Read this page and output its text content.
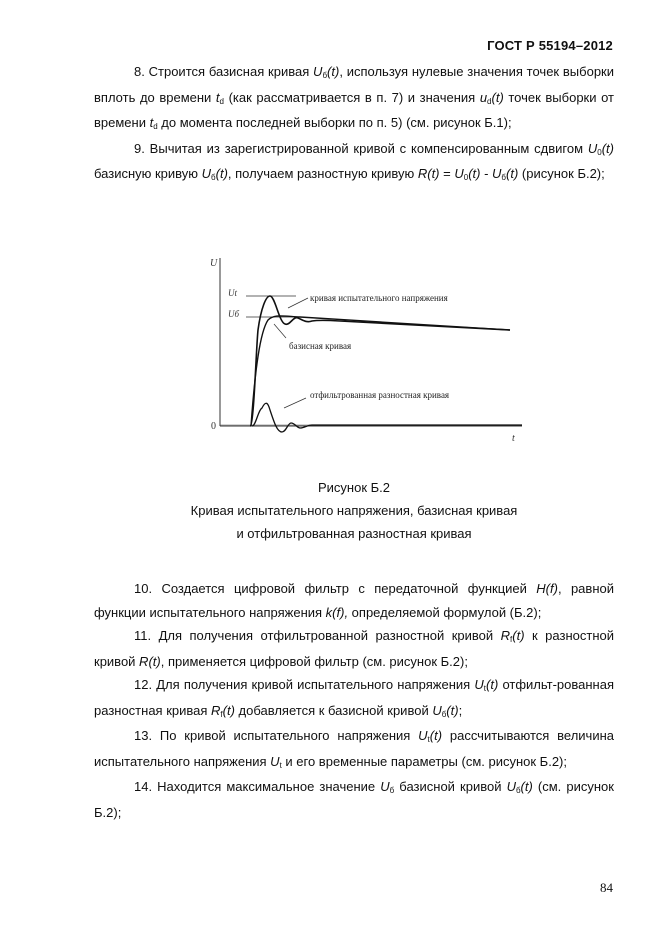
ГОСТ Р 55194–2012

8. Строится базисная кривая $U_б(t)$, используя нулевые значения точек выборки вплоть до времени $t_d$ (как рассматривается в п. 7) и значения $u_d(t)$ точек выборки от времени $t_d$ до момента последней выборки по п. 5) (см. рисунок Б.1);

9. Вычитая из зарегистрированной кривой с компенсированным сдвигом $U_0(t)$ базисную кривую $U_б(t)$, получаем разностную кривую $R(t) = U_0(t) - U_б(t)$ (рисунок Б.2);

U
t
0
Ut
Uб
кривая испытательного напряжения
базисная кривая
отфильтрованная разностная кривая
Рисунок Б.2
Кривая испытательного напряжения, базисная кривая
и отфильтрованная разностная кривая

10. Создается цифровой фильтр с передаточной функцией H(f), равной функции испытательного напряжения k(f), определяемой формулой (Б.2);

11. Для получения отфильтрованной разностной кривой $R_f(t)$ к разностной кривой R(t), применяется цифровой фильтр (см. рисунок Б.2);

12. Для получения кривой испытательного напряжения $U_t(t)$ отфильт-рованная разностная кривая $R_f(t)$ добавляется к базисной кривой $U_б(t)$;

13. По кривой испытательного напряжения $U_t(t)$ рассчитываются величина испытательного напряжения $U_t$ и его временные параметры (см. рисунок Б.2);

14. Находится максимальное значение $U_б$ базисной кривой $U_б(t)$ (см. рисунок Б.2);

84
